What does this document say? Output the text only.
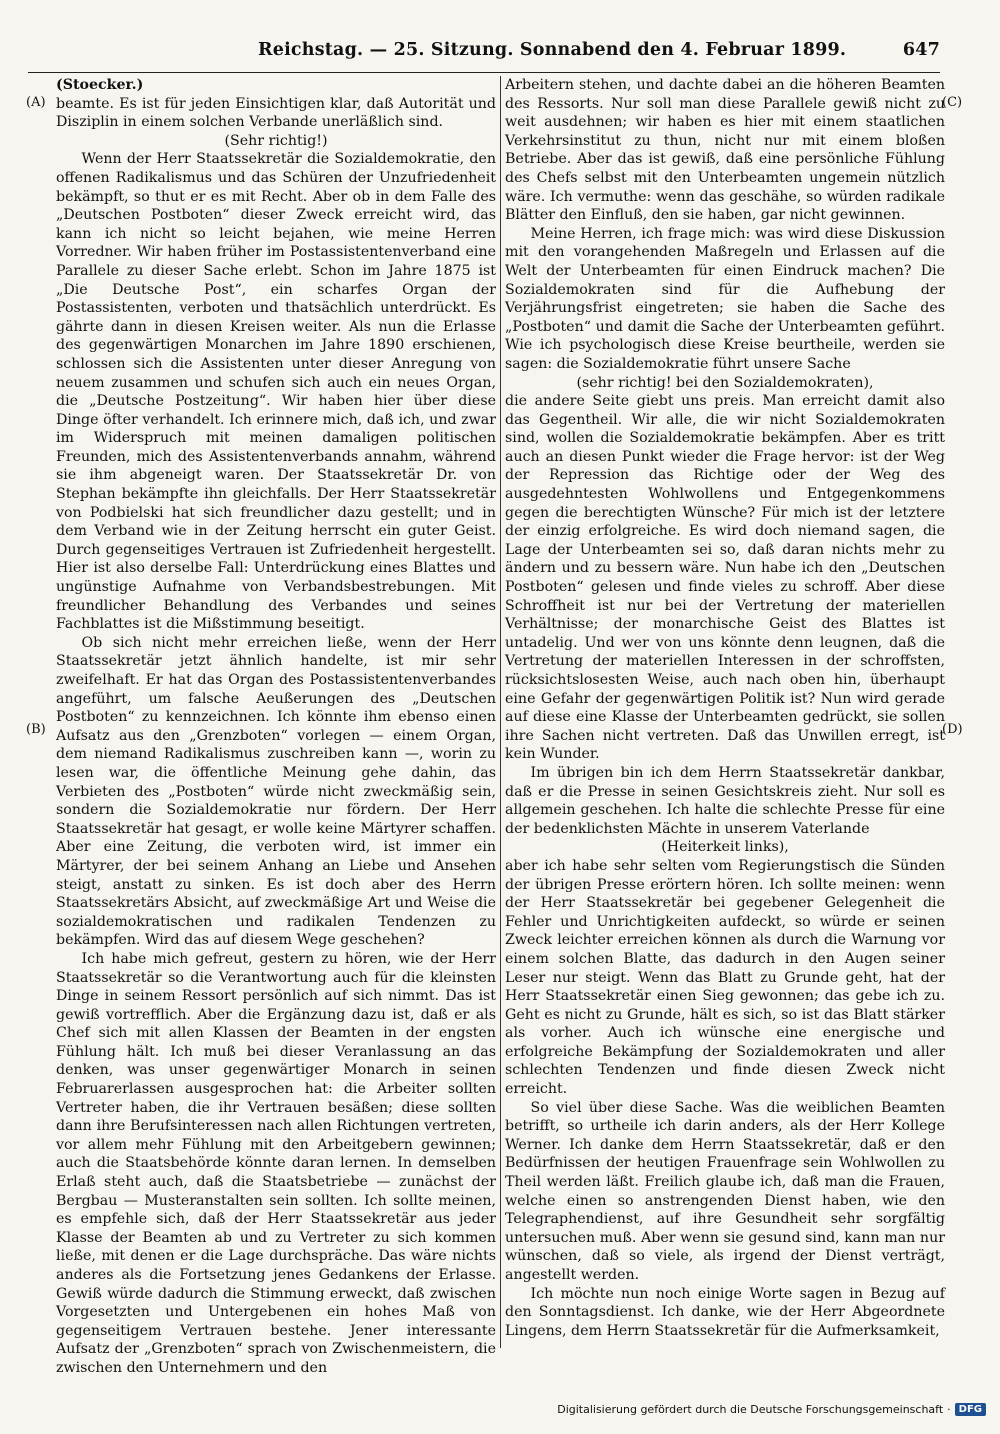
Reichstag. — 25. Sitzung. Sonnabend den 4. Februar 1899.	647
(A)
(B)
(C)
(D)

(Stoecker.)

beamte. Es ist für jeden Einsichtigen klar, daß Autorität und Disziplin in einem solchen Verbande unerläßlich sind.

(Sehr richtig!)

Wenn der Herr Staatssekretär die Sozialdemokratie, den offenen Radikalismus und das Schüren der Unzufriedenheit bekämpft, so thut er es mit Recht. Aber ob in dem Falle des „Deutschen Postboten“ dieser Zweck erreicht wird, das kann ich nicht so leicht bejahen, wie meine Herren Vorredner. Wir haben früher im Postassistentenverband eine Parallele zu dieser Sache erlebt. Schon im Jahre 1875 ist „Die Deutsche Post“, ein scharfes Organ der Postassistenten, verboten und thatsächlich unterdrückt. Es gährte dann in diesen Kreisen weiter. Als nun die Erlasse des gegenwärtigen Monarchen im Jahre 1890 erschienen, schlossen sich die Assistenten unter dieser Anregung von neuem zusammen und schufen sich auch ein neues Organ, die „Deutsche Postzeitung“. Wir haben hier über diese Dinge öfter verhandelt. Ich erinnere mich, daß ich, und zwar im Widerspruch mit meinen damaligen politischen Freunden, mich des Assistentenverbands annahm, während sie ihm abgeneigt waren. Der Staatssekretär Dr. von Stephan bekämpfte ihn gleichfalls. Der Herr Staatssekretär von Podbielski hat sich freundlicher dazu gestellt; und in dem Verband wie in der Zeitung herrscht ein guter Geist. Durch gegenseitiges Vertrauen ist Zufriedenheit hergestellt. Hier ist also derselbe Fall: Unterdrückung eines Blattes und ungünstige Aufnahme von Verbandsbestrebungen. Mit freundlicher Behandlung des Verbandes und seines Fachblattes ist die Mißstimmung beseitigt.

Ob sich nicht mehr erreichen ließe, wenn der Herr Staatssekretär jetzt ähnlich handelte, ist mir sehr zweifelhaft. Er hat das Organ des Postassistentenverbandes angeführt, um falsche Aeußerungen des „Deutschen Postboten“ zu kennzeichnen. Ich könnte ihm ebenso einen Aufsatz aus den „Grenzboten“ vorlegen — einem Organ, dem niemand Radikalismus zuschreiben kann —, worin zu lesen war, die öffentliche Meinung gehe dahin, das Verbieten des „Postboten“ würde nicht zweckmäßig sein, sondern die Sozialdemokratie nur fördern. Der Herr Staatssekretär hat gesagt, er wolle keine Märtyrer schaffen. Aber eine Zeitung, die verboten wird, ist immer ein Märtyrer, der bei seinem Anhang an Liebe und Ansehen steigt, anstatt zu sinken. Es ist doch aber des Herrn Staatssekretärs Absicht, auf zweckmäßige Art und Weise die sozialdemokratischen und radikalen Tendenzen zu bekämpfen. Wird das auf diesem Wege geschehen?

Ich habe mich gefreut, gestern zu hören, wie der Herr Staatssekretär so die Verantwortung auch für die kleinsten Dinge in seinem Ressort persönlich auf sich nimmt. Das ist gewiß vortrefflich. Aber die Ergänzung dazu ist, daß er als Chef sich mit allen Klassen der Beamten in der engsten Fühlung hält. Ich muß bei dieser Veranlassung an das denken, was unser gegenwärtiger Monarch in seinen Februarerlassen ausgesprochen hat: die Arbeiter sollten Vertreter haben, die ihr Vertrauen besäßen; diese sollten dann ihre Berufsinteressen nach allen Richtungen vertreten, vor allem mehr Fühlung mit den Arbeitgebern gewinnen; auch die Staatsbehörde könnte daran lernen. In demselben Erlaß steht auch, daß die Staatsbetriebe — zunächst der Bergbau — Musteranstalten sein sollten. Ich sollte meinen, es empfehle sich, daß der Herr Staatssekretär aus jeder Klasse der Beamten ab und zu Vertreter zu sich kommen ließe, mit denen er die Lage durchspräche. Das wäre nichts anderes als die Fortsetzung jenes Gedankens der Erlasse. Gewiß würde dadurch die Stimmung erweckt, daß zwischen Vorgesetzten und Untergebenen ein hohes Maß von gegenseitigem Vertrauen bestehe. Jener interessante Aufsatz der „Grenzboten“ sprach von Zwischenmeistern, die zwischen den Unternehmern und den

Arbeitern stehen, und dachte dabei an die höheren Beamten des Ressorts. Nur soll man diese Parallele gewiß nicht zu weit ausdehnen; wir haben es hier mit einem staatlichen Verkehrsinstitut zu thun, nicht nur mit einem bloßen Betriebe. Aber das ist gewiß, daß eine persönliche Fühlung des Chefs selbst mit den Unterbeamten ungemein nützlich wäre. Ich vermuthe: wenn das geschähe, so würden radikale Blätter den Einfluß, den sie haben, gar nicht gewinnen.

Meine Herren, ich frage mich: was wird diese Diskussion mit den vorangehenden Maßregeln und Erlassen auf die Welt der Unterbeamten für einen Eindruck machen? Die Sozialdemokraten sind für die Aufhebung der Verjährungsfrist eingetreten; sie haben die Sache des „Postboten“ und damit die Sache der Unterbeamten geführt. Wie ich psychologisch diese Kreise beurtheile, werden sie sagen: die Sozialdemokratie führt unsere Sache

(sehr richtig! bei den Sozialdemokraten),

die andere Seite giebt uns preis. Man erreicht damit also das Gegentheil. Wir alle, die wir nicht Sozialdemokraten sind, wollen die Sozialdemokratie bekämpfen. Aber es tritt auch an diesen Punkt wieder die Frage hervor: ist der Weg der Repression das Richtige oder der Weg des ausgedehntesten Wohlwollens und Entgegenkommens gegen die berechtigten Wünsche? Für mich ist der letztere der einzig erfolgreiche. Es wird doch niemand sagen, die Lage der Unterbeamten sei so, daß daran nichts mehr zu ändern und zu bessern wäre. Nun habe ich den „Deutschen Postboten“ gelesen und finde vieles zu schroff. Aber diese Schroffheit ist nur bei der Vertretung der materiellen Verhältnisse; der monarchische Geist des Blattes ist untadelig. Und wer von uns könnte denn leugnen, daß die Vertretung der materiellen Interessen in der schroffsten, rücksichtslosesten Weise, auch nach oben hin, überhaupt eine Gefahr der gegenwärtigen Politik ist? Nun wird gerade auf diese eine Klasse der Unterbeamten gedrückt, sie sollen ihre Sachen nicht vertreten. Daß das Unwillen erregt, ist kein Wunder.

Im übrigen bin ich dem Herrn Staatssekretär dankbar, daß er die Presse in seinen Gesichtskreis zieht. Nur soll es allgemein geschehen. Ich halte die schlechte Presse für eine der bedenklichsten Mächte in unserem Vaterlande

(Heiterkeit links),

aber ich habe sehr selten vom Regierungstisch die Sünden der übrigen Presse erörtern hören. Ich sollte meinen: wenn der Herr Staatssekretär bei gegebener Gelegenheit die Fehler und Unrichtigkeiten aufdeckt, so würde er seinen Zweck leichter erreichen können als durch die Warnung vor einem solchen Blatte, das dadurch in den Augen seiner Leser nur steigt. Wenn das Blatt zu Grunde geht, hat der Herr Staatssekretär einen Sieg gewonnen; das gebe ich zu. Geht es nicht zu Grunde, hält es sich, so ist das Blatt stärker als vorher. Auch ich wünsche eine energische und erfolgreiche Bekämpfung der Sozialdemokraten und aller schlechten Tendenzen und finde diesen Zweck nicht erreicht.

So viel über diese Sache. Was die weiblichen Beamten betrifft, so urtheile ich darin anders, als der Herr Kollege Werner. Ich danke dem Herrn Staatssekretär, daß er den Bedürfnissen der heutigen Frauenfrage sein Wohlwollen zu Theil werden läßt. Freilich glaube ich, daß man die Frauen, welche einen so anstrengenden Dienst haben, wie den Telegraphendienst, auf ihre Gesundheit sehr sorgfältig untersuchen muß. Aber wenn sie gesund sind, kann man nur wünschen, daß so viele, als irgend der Dienst verträgt, angestellt werden.

Ich möchte nun noch einige Worte sagen in Bezug auf den Sonntagsdienst. Ich danke, wie der Herr Abgeordnete Lingens, dem Herrn Staatssekretär für die Aufmerksamkeit,

Digitalisierung gefördert durch die Deutsche Forschungsgemeinschaft · DFG
